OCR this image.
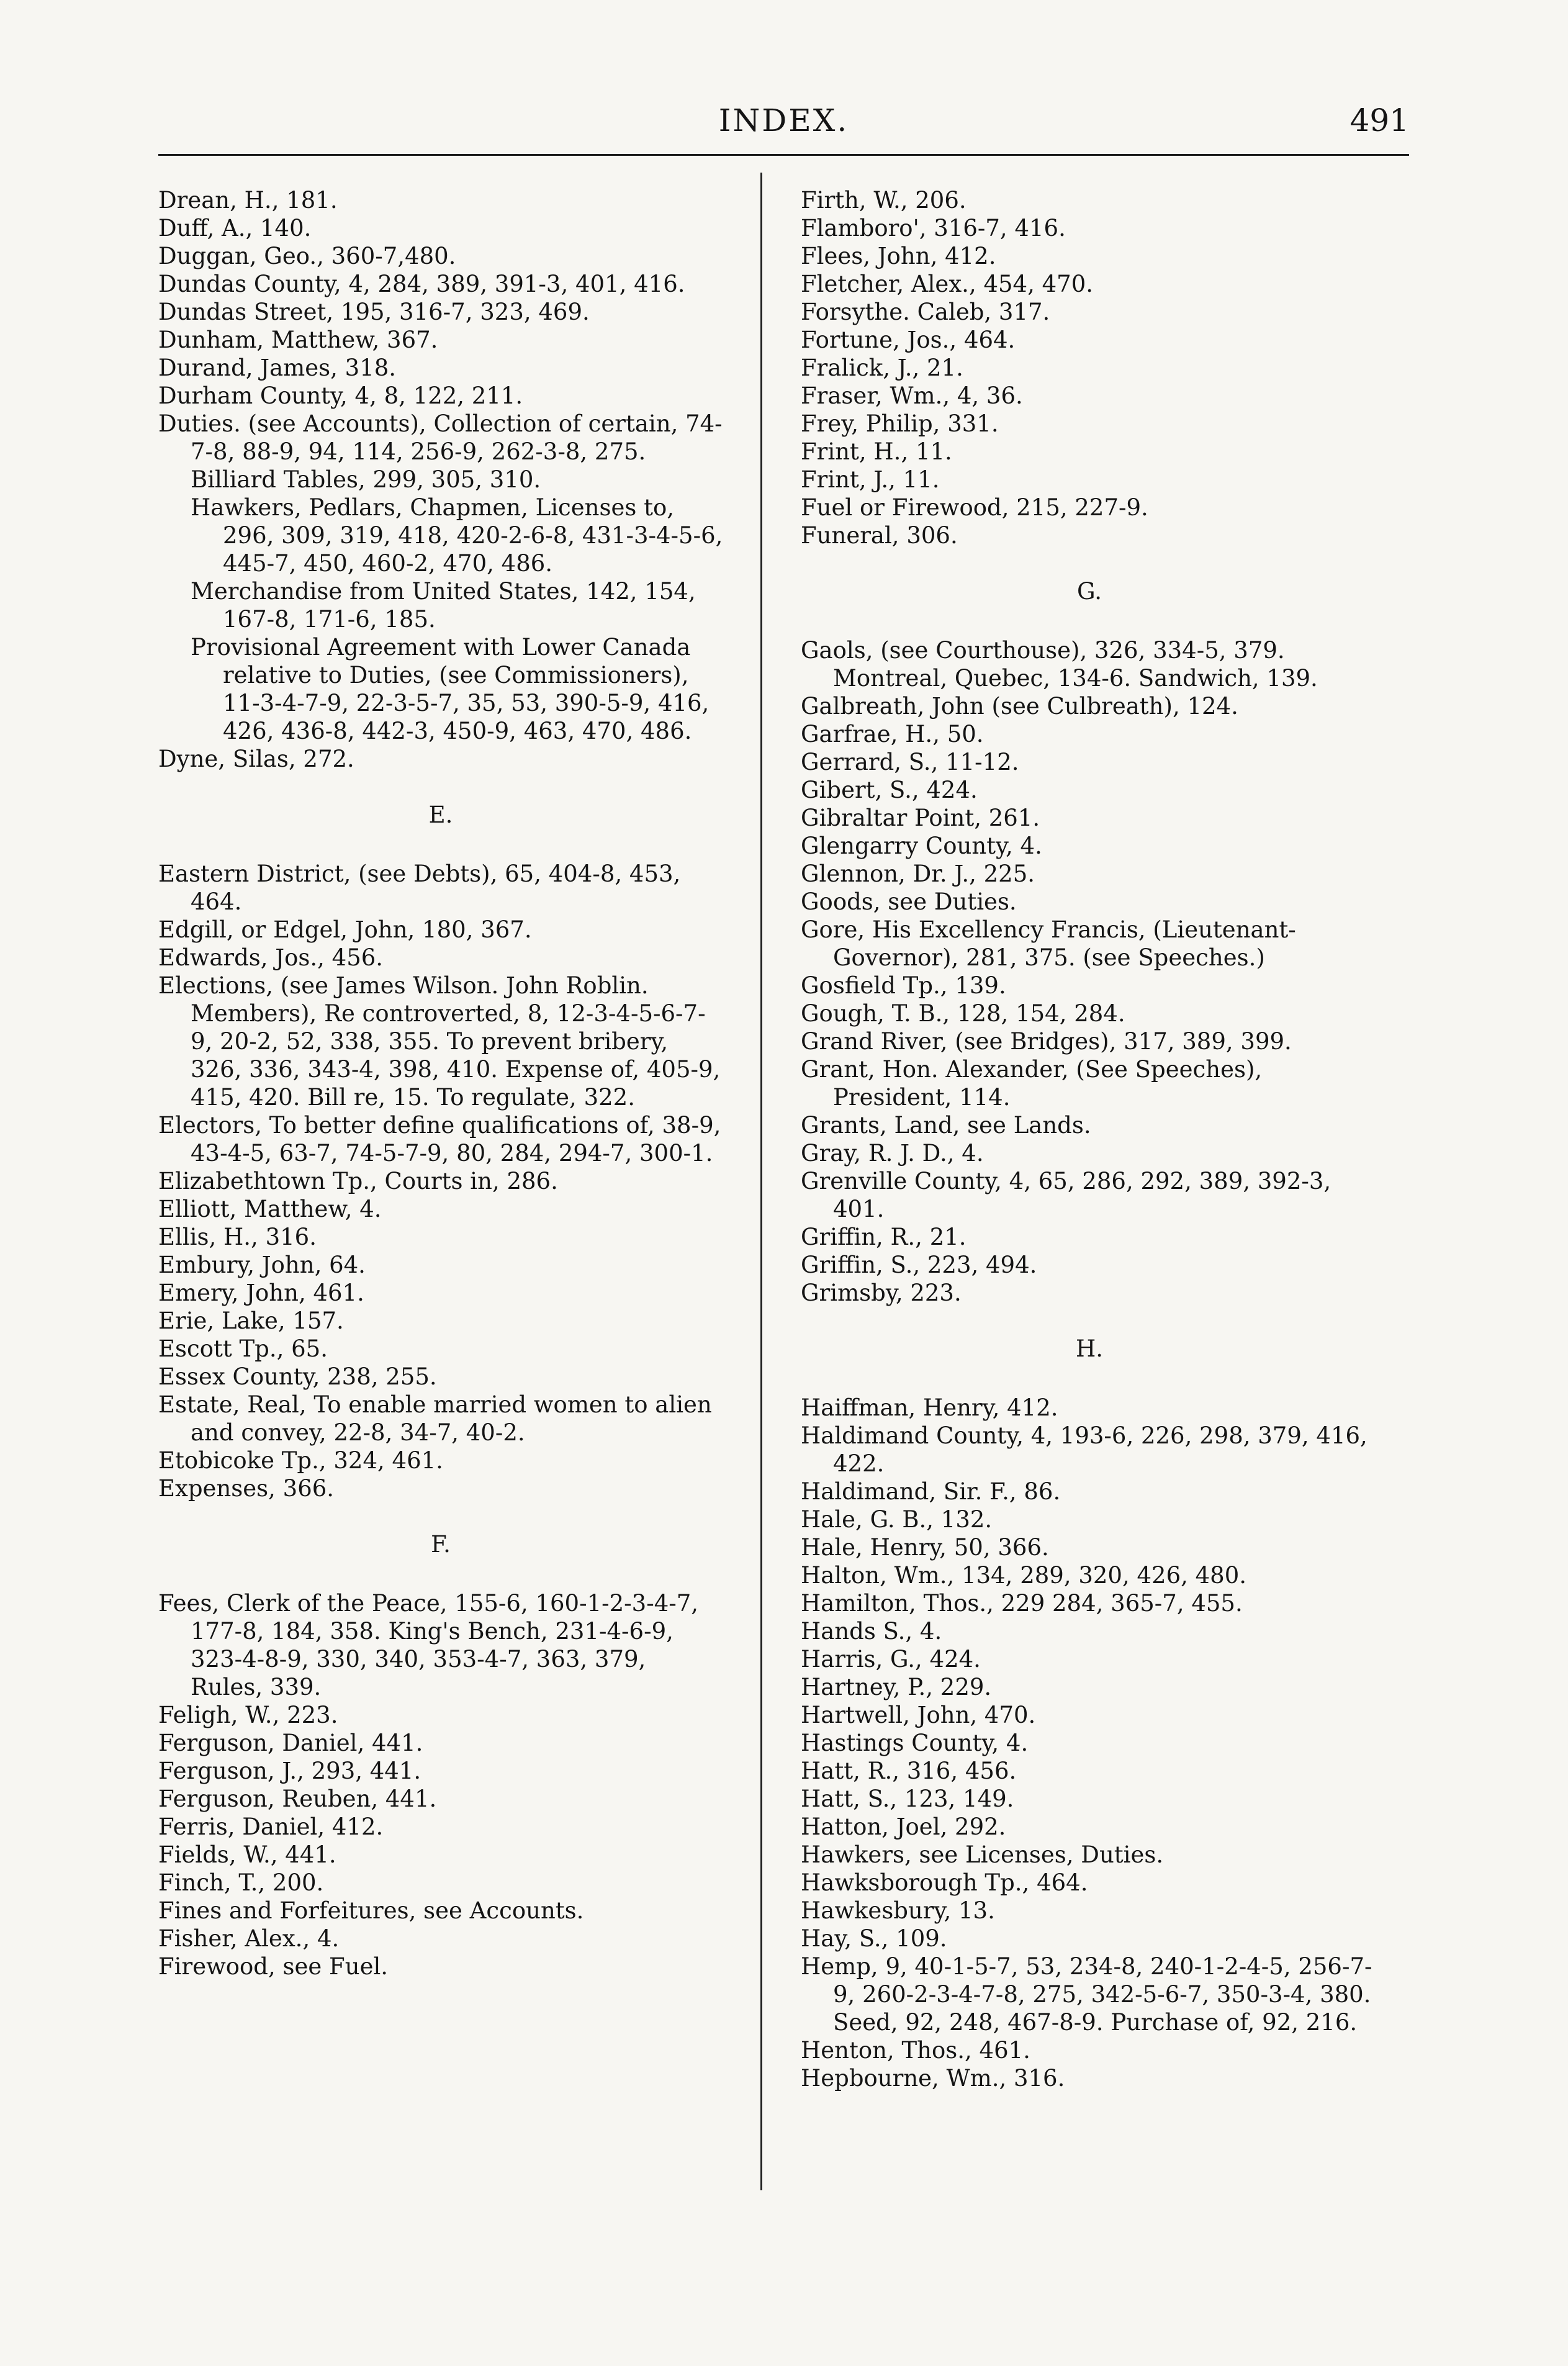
INDEX.	491

Drean, H., 181.

Duff, A., 140.

Duggan, Geo., 360-7,480.

Dundas County, 4, 284, 389, 391-3, 401, 416.

Dundas Street, 195, 316-7, 323, 469.

Dunham, Matthew, 367.

Durand, James, 318.

Durham County, 4, 8, 122, 211.

Duties. (see Accounts), Collection of certain, 74-7-8, 88-9, 94, 114, 256-9, 262-3-8, 275.

Billiard Tables, 299, 305, 310.

Hawkers, Pedlars, Chapmen, Licenses to, 296, 309, 319, 418, 420-2-6-8, 431-3-4-5-6, 445-7, 450, 460-2, 470, 486.

Merchandise from United States, 142, 154, 167-8, 171-6, 185.

Provisional Agreement with Lower Canada relative to Duties, (see Commissioners), 11-3-4-7-9, 22-3-5-7, 35, 53, 390-5-9, 416, 426, 436-8, 442-3, 450-9, 463, 470, 486.

Dyne, Silas, 272.

E.

Eastern District, (see Debts), 65, 404-8, 453, 464.

Edgill, or Edgel, John, 180, 367.

Edwards, Jos., 456.

Elections, (see James Wilson. John Roblin. Members), Re controverted, 8, 12-3-4-5-6-7-9, 20-2, 52, 338, 355. To prevent bribery, 326, 336, 343-4, 398, 410. Expense of, 405-9, 415, 420. Bill re, 15. To regulate, 322.

Electors, To better define qualifications of, 38-9, 43-4-5, 63-7, 74-5-7-9, 80, 284, 294-7, 300-1.

Elizabethtown Tp., Courts in, 286.

Elliott, Matthew, 4.

Ellis, H., 316.

Embury, John, 64.

Emery, John, 461.

Erie, Lake, 157.

Escott Tp., 65.

Essex County, 238, 255.

Estate, Real, To enable married women to alien and convey, 22-8, 34-7, 40-2.

Etobicoke Tp., 324, 461.

Expenses, 366.

F.

Fees, Clerk of the Peace, 155-6, 160-1-2-3-4-7, 177-8, 184, 358. King's Bench, 231-4-6-9, 323-4-8-9, 330, 340, 353-4-7, 363, 379, Rules, 339.

Feligh, W., 223.

Ferguson, Daniel, 441.

Ferguson, J., 293, 441.

Ferguson, Reuben, 441.

Ferris, Daniel, 412.

Fields, W., 441.

Finch, T., 200.

Fines and Forfeitures, see Accounts.

Fisher, Alex., 4.

Firewood, see Fuel.

Firth, W., 206.

Flamboro', 316-7, 416.

Flees, John, 412.

Fletcher, Alex., 454, 470.

Forsythe. Caleb, 317.

Fortune, Jos., 464.

Fralick, J., 21.

Fraser, Wm., 4, 36.

Frey, Philip, 331.

Frint, H., 11.

Frint, J., 11.

Fuel or Firewood, 215, 227-9.

Funeral, 306.

G.

Gaols, (see Courthouse), 326, 334-5, 379. Montreal, Quebec, 134-6. Sandwich, 139.

Galbreath, John (see Culbreath), 124.

Garfrae, H., 50.

Gerrard, S., 11-12.

Gibert, S., 424.

Gibraltar Point, 261.

Glengarry County, 4.

Glennon, Dr. J., 225.

Goods, see Duties.

Gore, His Excellency Francis, (Lieutenant-Governor), 281, 375. (see Speeches.)

Gosfield Tp., 139.

Gough, T. B., 128, 154, 284.

Grand River, (see Bridges), 317, 389, 399.

Grant, Hon. Alexander, (See Speeches), President, 114.

Grants, Land, see Lands.

Gray, R. J. D., 4.

Grenville County, 4, 65, 286, 292, 389, 392-3, 401.

Griffin, R., 21.

Griffin, S., 223, 494.

Grimsby, 223.

H.

Haiffman, Henry, 412.

Haldimand County, 4, 193-6, 226, 298, 379, 416, 422.

Haldimand, Sir. F., 86.

Hale, G. B., 132.

Hale, Henry, 50, 366.

Halton, Wm., 134, 289, 320, 426, 480.

Hamilton, Thos., 229 284, 365-7, 455.

Hands S., 4.

Harris, G., 424.

Hartney, P., 229.

Hartwell, John, 470.

Hastings County, 4.

Hatt, R., 316, 456.

Hatt, S., 123, 149.

Hatton, Joel, 292.

Hawkers, see Licenses, Duties.

Hawksborough Tp., 464.

Hawkesbury, 13.

Hay, S., 109.

Hemp, 9, 40-1-5-7, 53, 234-8, 240-1-2-4-5, 256-7-9, 260-2-3-4-7-8, 275, 342-5-6-7, 350-3-4, 380. Seed, 92, 248, 467-8-9. Purchase of, 92, 216.

Henton, Thos., 461.

Hepbourne, Wm., 316.
